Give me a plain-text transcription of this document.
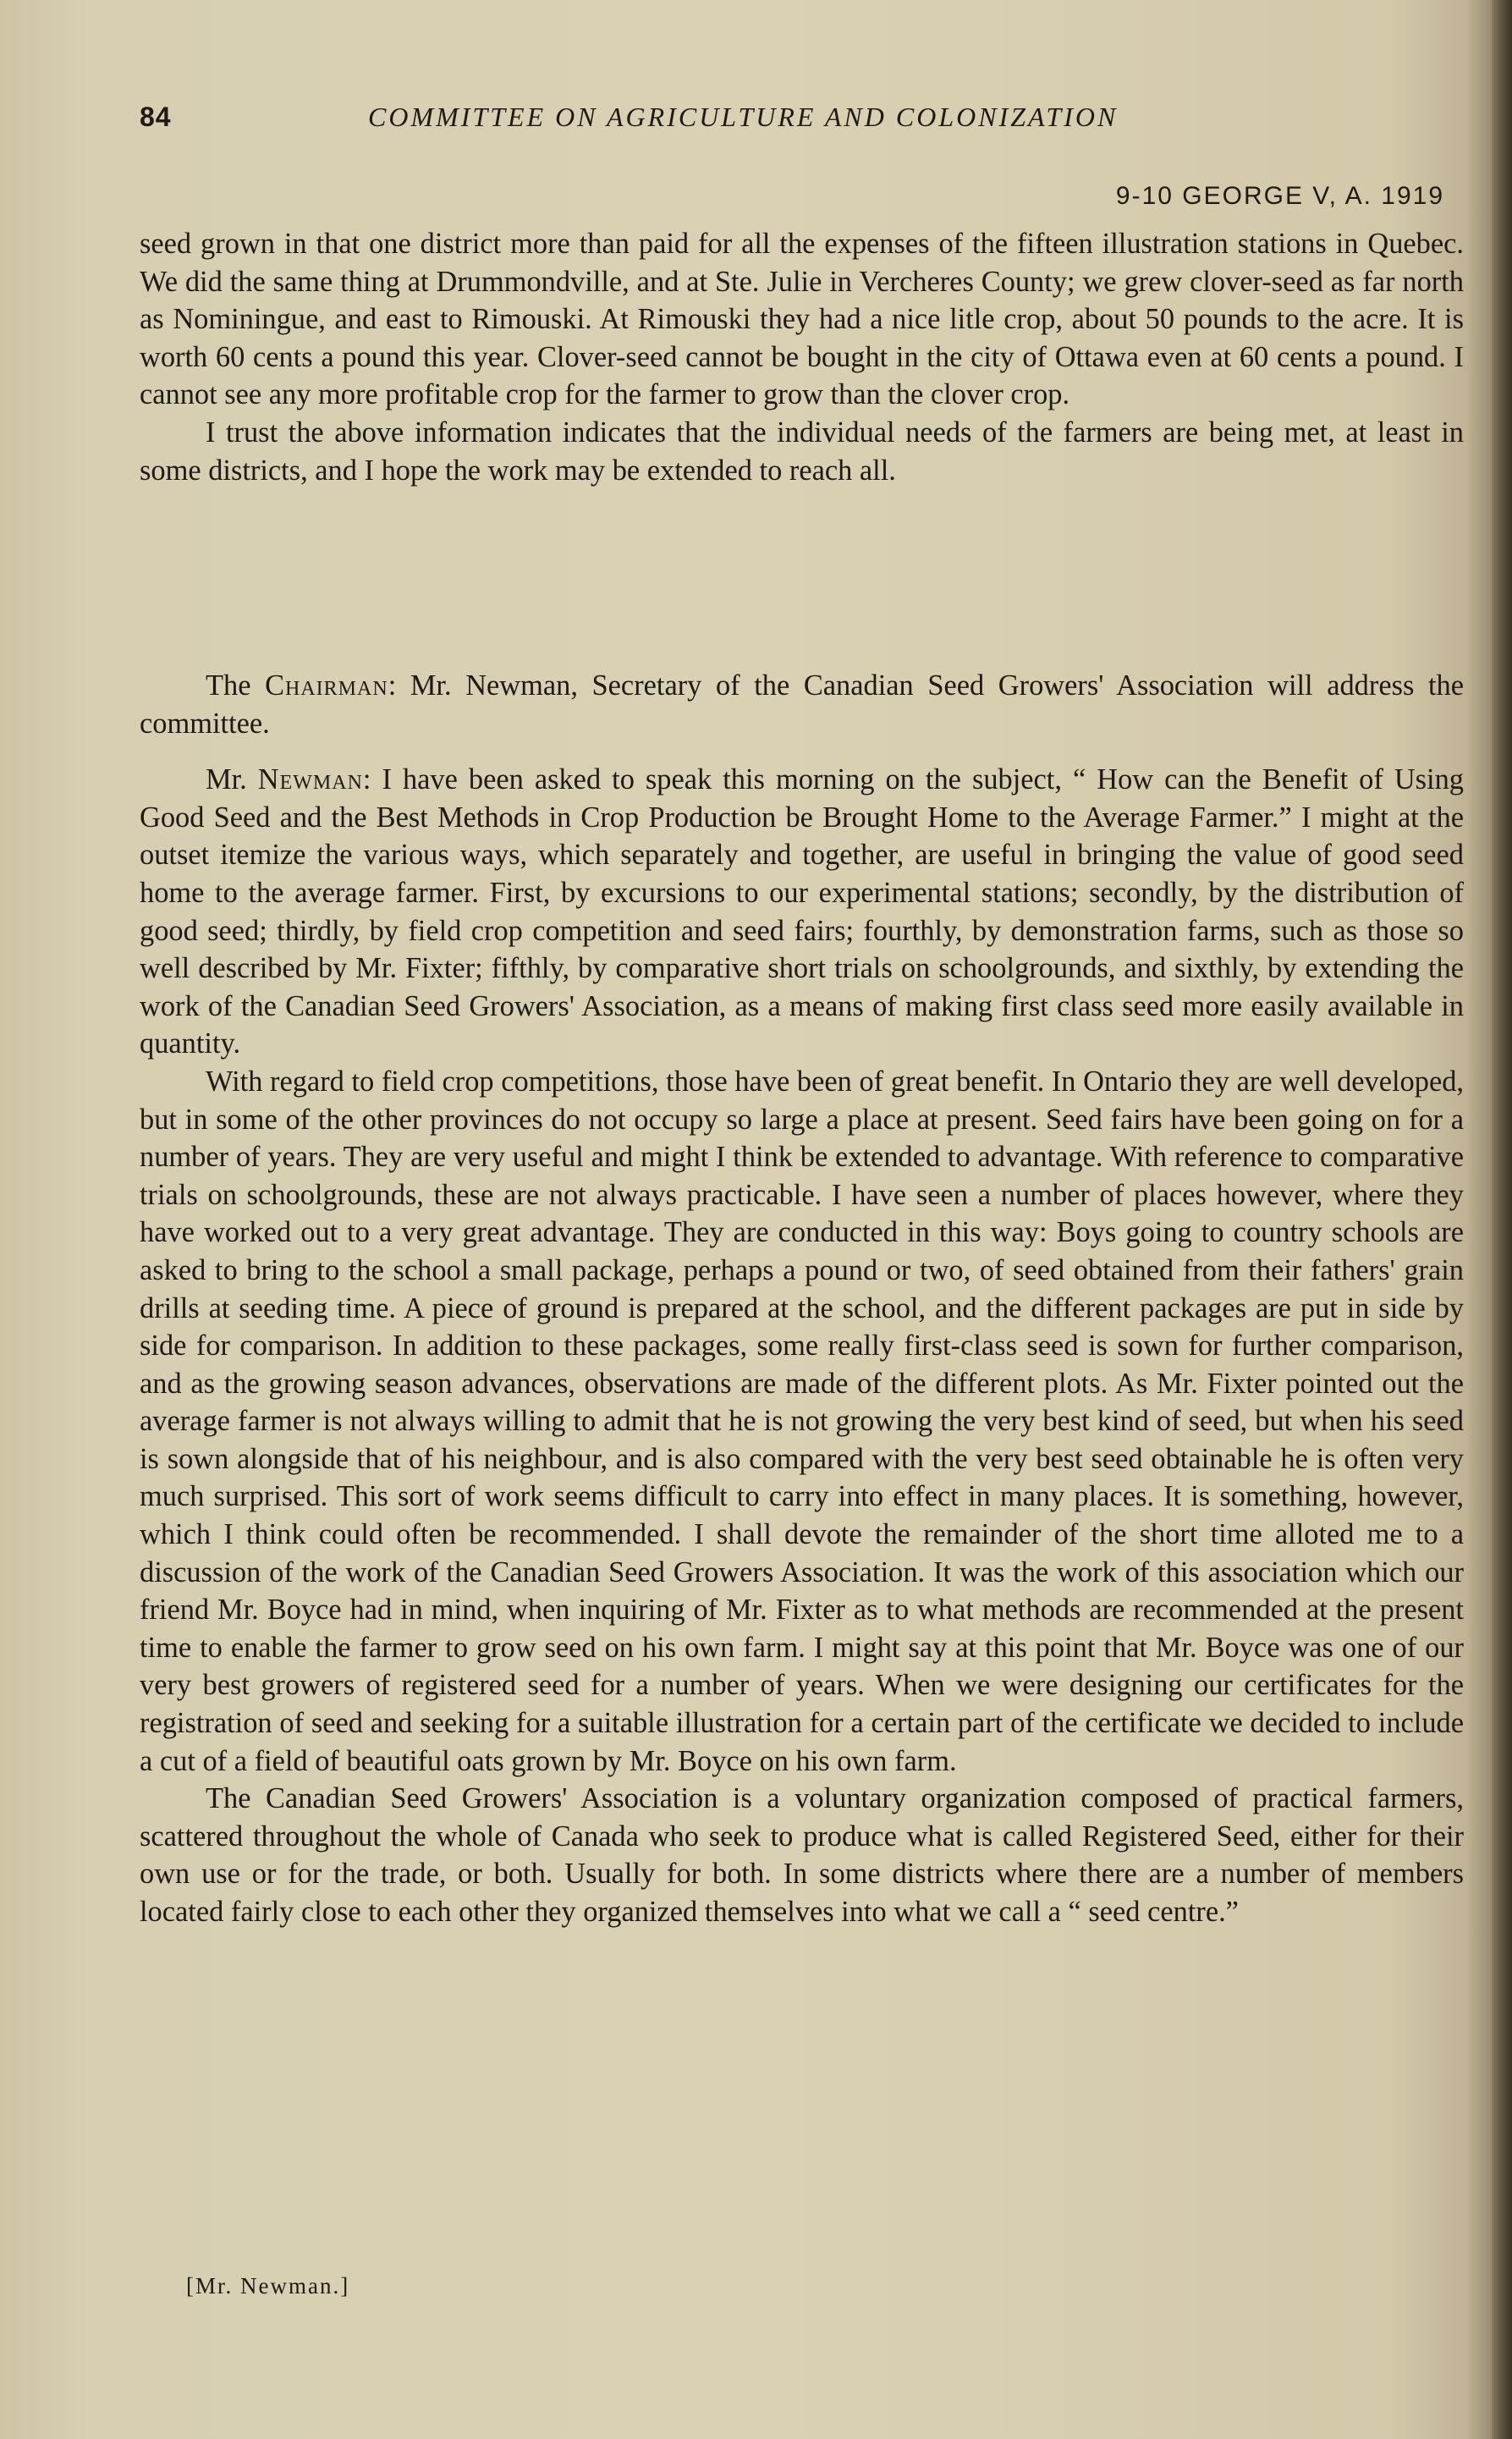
84	COMMITTEE ON AGRICULTURE AND COLONIZATION
9-10 GEORGE V, A. 1919

seed grown in that one district more than paid for all the expenses of the fifteen illustration stations in Quebec. We did the same thing at Drummondville, and at Ste. Julie in Vercheres County; we grew clover-seed as far north as Nominingue, and east to Rimouski. At Rimouski they had a nice litle crop, about 50 pounds to the acre. It is worth 60 cents a pound this year. Clover-seed cannot be bought in the city of Ottawa even at 60 cents a pound. I cannot see any more profitable crop for the farmer to grow than the clover crop.

I trust the above information indicates that the individual needs of the farmers are being met, at least in some districts, and I hope the work may be extended to reach all.

The Chairman: Mr. Newman, Secretary of the Canadian Seed Growers' Association will address the committee.

Mr. Newman: I have been asked to speak this morning on the subject, “ How can the Benefit of Using Good Seed and the Best Methods in Crop Production be Brought Home to the Average Farmer.” I might at the outset itemize the various ways, which separately and together, are useful in bringing the value of good seed home to the average farmer. First, by excursions to our experimental stations; secondly, by the distribution of good seed; thirdly, by field crop competition and seed fairs; fourthly, by demonstration farms, such as those so well described by Mr. Fixter; fifthly, by comparative short trials on schoolgrounds, and sixthly, by extending the work of the Canadian Seed Growers' Association, as a means of making first class seed more easily available in quantity.

With regard to field crop competitions, those have been of great benefit. In Ontario they are well developed, but in some of the other provinces do not occupy so large a place at present. Seed fairs have been going on for a number of years. They are very useful and might I think be extended to advantage. With reference to comparative trials on schoolgrounds, these are not always practicable. I have seen a number of places however, where they have worked out to a very great advantage. They are conducted in this way: Boys going to country schools are asked to bring to the school a small package, perhaps a pound or two, of seed obtained from their fathers' grain drills at seeding time. A piece of ground is prepared at the school, and the different packages are put in side by side for comparison. In addition to these packages, some really first-class seed is sown for further comparison, and as the growing season advances, observations are made of the different plots. As Mr. Fixter pointed out the average farmer is not always willing to admit that he is not growing the very best kind of seed, but when his seed is sown alongside that of his neighbour, and is also compared with the very best seed obtainable he is often very much surprised. This sort of work seems difficult to carry into effect in many places. It is something, however, which I think could often be recommended. I shall devote the remainder of the short time alloted me to a discussion of the work of the Canadian Seed Growers Association. It was the work of this association which our friend Mr. Boyce had in mind, when inquiring of Mr. Fixter as to what methods are recommended at the present time to enable the farmer to grow seed on his own farm. I might say at this point that Mr. Boyce was one of our very best growers of registered seed for a number of years. When we were designing our certificates for the registration of seed and seeking for a suitable illustration for a certain part of the certificate we decided to include a cut of a field of beautiful oats grown by Mr. Boyce on his own farm.

The Canadian Seed Growers' Association is a voluntary organization composed of practical farmers, scattered throughout the whole of Canada who seek to produce what is called Registered Seed, either for their own use or for the trade, or both. Usually for both. In some districts where there are a number of members located fairly close to each other they organized themselves into what we call a “ seed centre.”

[Mr. Newman.]
